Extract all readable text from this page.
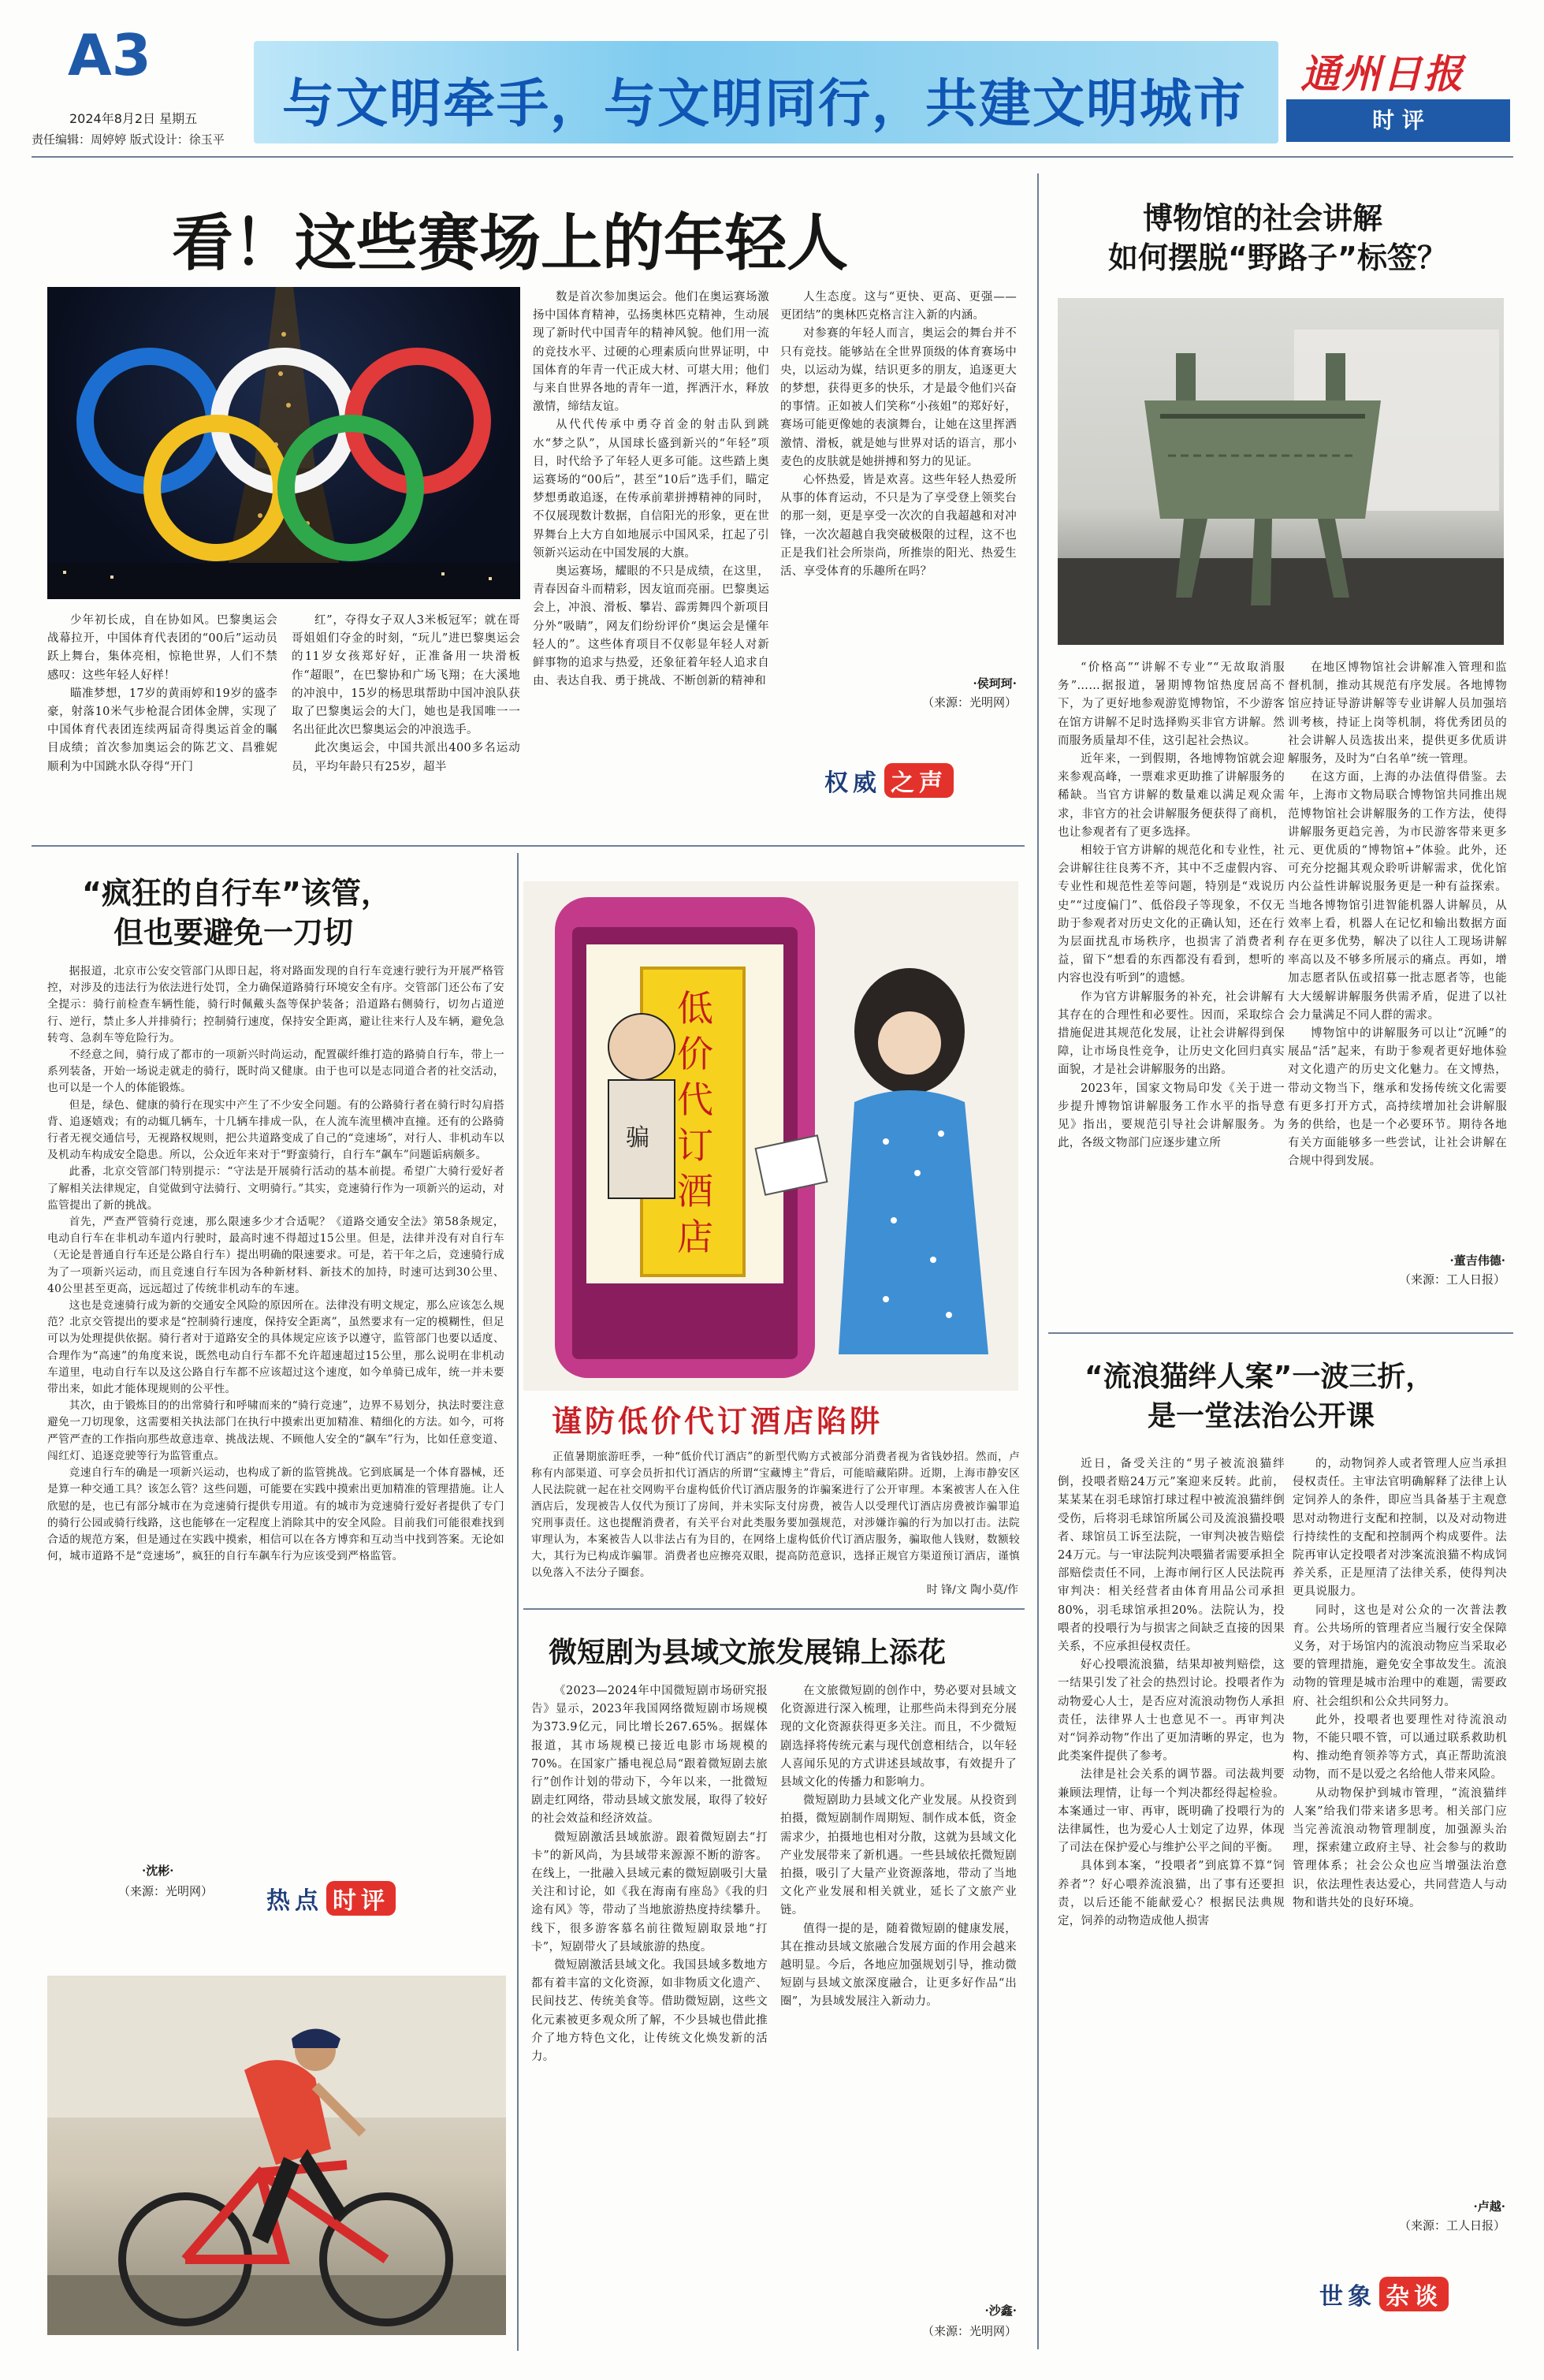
A3
2024年8月2日 星期五
责任编辑：周婷婷 版式设计：徐玉平
与文明牵手，与文明同行，共建文明城市 通州日报
时 评
看！这些赛场上的年轻人

少年初长成，自在协如风。巴黎奥运会战幕拉开，中国体育代表团的“00后”运动员跃上舞台，集体亮相，惊艳世界，人们不禁感叹：这些年轻人好样！

瞄准梦想，17岁的黄雨婷和19岁的盛李豪，射落10米气步枪混合团体金牌，实现了中国体育代表团连续两届奇得奥运首金的瞩目成绩；首次参加奥运会的陈艺文、昌雅妮顺利为中国跳水队夺得“开门

红”，夺得女子双人3米板冠军；就在哥哥姐姐们夺金的时刻，“玩儿”进巴黎奥运会的11岁女孩郑好好，正准备用一块滑板作“超眼”，在巴黎协和广场飞翔；在大溪地的冲浪中，15岁的杨思琪帮助中国冲浪队获取了巴黎奥运会的大门，她也是我国唯一一名出征此次巴黎奥运会的冲浪选手。

此次奥运会，中国共派出400多名运动员，平均年龄只有25岁，超半

数是首次参加奥运会。他们在奥运赛场激扬中国体育精神，弘扬奥林匹克精神，生动展现了新时代中国青年的精神风貌。他们用一流的竞技水平、过硬的心理素质向世界证明，中国体育的年青一代正成大材、可堪大用；他们与来自世界各地的青年一道，挥洒汗水，释放激情，缔结友谊。

从代代传承中勇夺首金的射击队到跳水“梦之队”，从国球长盛到新兴的“年轻”项目，时代给予了年轻人更多可能。这些踏上奥运赛场的“00后”，甚至“10后”选手们，瞄定梦想勇敢追逐，在传承前辈拼搏精神的同时，不仅展现数计数据，自信阳光的形象，更在世界舞台上大方自如地展示中国风采，扛起了引领新兴运动在中国发展的大旗。

奥运赛场，耀眼的不只是成绩，在这里，青春因奋斗而精彩，因友谊而亮丽。巴黎奥运会上，冲浪、滑板、攀岩、霹雳舞四个新项目分外“吸睛”，网友们纷纷评价“奥运会是懂年轻人的”。这些体育项目不仅彰显年轻人对新鲜事物的追求与热爱，还象征着年轻人追求自由、表达自我、勇于挑战、不断创新的精神和

人生态度。这与“更快、更高、更强——更团结”的奥林匹克格言注入新的内涵。

对参赛的年轻人而言，奥运会的舞台并不只有竞技。能够站在全世界顶级的体育赛场中央，以运动为媒，结识更多的朋友，追逐更大的梦想，获得更多的快乐，才是最令他们兴奋的事情。正如被人们笑称“小孩姐”的郑好好，赛场可能更像她的表演舞台，让她在这里挥洒激情、滑板，就是她与世界对话的语言，那小麦色的皮肤就是她拼搏和努力的见证。

心怀热爱，皆是欢喜。这些年轻人热爱所从事的体育运动，不只是为了享受登上领奖台的那一刻，更是享受一次次的自我超越和对冲锋，一次次超越自我突破极限的过程，这不也正是我们社会所崇尚，所推崇的阳光、热爱生活、享受体育的乐趣所在吗？

·侯珂珂·
（来源：光明网）
权威 之声
博物馆的社会讲解
如何摆脱“野路子”标签？

“价格高”“讲解不专业”“无故取消服务”……据报道，暑期博物馆热度居高不下，为了更好地参观游览博物馆，不少游客在馆方讲解不足时选择购买非官方讲解。然而服务质量却不佳，这引起社会热议。

近年来，一到假期，各地博物馆就会迎来参观高峰，一票难求更助推了讲解服务的稀缺。当官方讲解的数量难以满足观众需求，非官方的社会讲解服务便获得了商机，也让参观者有了更多选择。

相较于官方讲解的规范化和专业性，社会讲解往往良莠不齐，其中不乏虚假内容、专业性和规范性差等问题，特别是“戏说历史”“过度偏门”、低俗段子等现象，不仅无助于参观者对历史文化的正确认知，还在行为层面扰乱市场秩序，也损害了消费者利益，留下“想看的东西都没有看到，想听的内容也没有听到”的遗憾。

作为官方讲解服务的补充，社会讲解有其存在的合理性和必要性。因而，采取综合措施促进其规范化发展，让社会讲解得到保障，让市场良性竞争，让历史文化回归真实面貌，才是社会讲解服务的出路。

2023年，国家文物局印发《关于进一步提升博物馆讲解服务工作水平的指导意见》指出，要规范引导社会讲解服务。为此，各级文物部门应逐步建立所

在地区博物馆社会讲解准入管理和监督机制，推动其规范有序发展。各地博物馆应持证导游讲解等专业讲解人员加强培训考核，持证上岗等机制，将优秀团员的社会讲解人员选拔出来，提供更多优质讲解服务，及时为“白名单”统一管理。

在这方面，上海的办法值得借鉴。去年，上海市文物局联合博物馆共同推出规范博物馆社会讲解服务的工作方法，使得讲解服务更趋完善，为市民游客带来更多元、更优质的“博物馆+”体验。此外，还可充分挖掘其观众聆听讲解需求，优化馆内公益性讲解说服务更是一种有益探索。当地各博物馆引进智能机器人讲解员，从效率上看，机器人在记忆和输出数据方面存在更多优势，解决了以往人工现场讲解率高以及不够多所展示的痛点。再如，增加志愿者队伍或招募一批志愿者等，也能大大缓解讲解服务供需矛盾，促进了以社会力量满足不同人群的需求。

博物馆中的讲解服务可以让“沉睡”的展品“活”起来，有助于参观者更好地体验对文化遗产的历史文化魅力。在文博热，带动文物当下，继承和发扬传统文化需要有更多打开方式，高持续增加社会讲解服务的供给，也是一个必要环节。期待各地有关方面能够多一些尝试，让社会讲解在合规中得到发展。

·董吉伟德·
（来源：工人日报）
“疯狂的自行车”该管，
但也要避免一刀切

据报道，北京市公安交管部门从即日起，将对路面发现的自行车竞速行驶行为开展严格管控，对涉及的违法行为依法进行处罚，全力确保道路骑行环境安全有序。交管部门还公布了安全提示：骑行前检查车辆性能，骑行时佩戴头盔等保护装备；沿道路右侧骑行，切勿占道逆行、逆行，禁止多人并排骑行；控制骑行速度，保持安全距离，避让往来行人及车辆，避免急转弯、急刹车等危险行为。

不经意之间，骑行成了都市的一项新兴时尚运动，配置碳纤维打造的路骑自行车，带上一系列装备，开始一场说走就走的骑行，既时尚又健康。由于也可以是志同道合者的社交活动，也可以是一个人的体能锻炼。

但是，绿色、健康的骑行在现实中产生了不少安全问题。有的公路骑行者在骑行时勾肩搭背、追逐嬉戏；有的动辄几辆车，十几辆车排成一队，在人流车流里横冲直撞。还有的公路骑行者无视交通信号，无视路权规则，把公共道路变成了自己的“竞速场”，对行人、非机动车以及机动车构成安全隐患。所以，公众近年来对于“野蛮骑行，自行车“飙车”问题诟病颇多。

此番，北京交管部门特别提示：“守法是开展骑行活动的基本前提。希望广大骑行爱好者了解相关法律规定，自觉做到守法骑行、文明骑行。”其实，竞速骑行作为一项新兴的运动，对监管提出了新的挑战。

首先，严查严管骑行竞速，那么限速多少才合适呢？《道路交通安全法》第58条规定，电动自行车在非机动车道内行驶时，最高时速不得超过15公里。但是，法律并没有对自行车（无论是普通自行车还是公路自行车）提出明确的限速要求。可是，若干年之后，竞速骑行成为了一项新兴运动，而且竞速自行车因为各种新材料、新技术的加持，时速可达到30公里、40公里甚至更高，远远超过了传统非机动车的车速。

这也是竞速骑行成为新的交通安全风险的原因所在。法律没有明文规定，那么应该怎么规范？北京交管提出的要求是“控制骑行速度，保持安全距离”，虽然要求有一定的模糊性，但足可以为处理提供依据。骑行者对于道路安全的具体规定应该予以遵守，监管部门也要以适度、合理作为“高速”的角度来说，既然电动自行车都不允许超速超过15公里，那么说明在非机动车道里，电动自行车以及这公路自行车都不应该超过这个速度，如今单骑已成年，统一并未要带出来，如此才能体现规则的公平性。

其次，由于锻炼目的的出常骑行和呼啸而来的“骑行竞速”，边界不易划分，执法时要注意避免一刀切现象，这需要相关执法部门在执行中摸索出更加精准、精细化的方法。如今，可将严管严查的工作指向那些故意违章、挑战法规、不顾他人安全的“飙车”行为，比如任意变道、闯红灯、追逐竞驶等行为监管重点。

竞速自行车的确是一项新兴运动，也构成了新的监管挑战。它到底属是一个体育器械，还是算一种交通工具？该怎么管？这些问题，可能要在实践中摸索出更加精准的管理措施。让人欣慰的是，也已有部分城市在为竞速骑行提供专用道。有的城市为竞速骑行爱好者提供了专门的骑行公园或骑行线路，这也能够在一定程度上消除其中的安全风险。目前我们可能很难找到合适的规范方案，但是通过在实践中摸索，相信可以在各方博弈和互动当中找到答案。无论如何，城市道路不是“竞速场”，疯狂的自行车飙车行为应该受到严格监管。

·沈彬·
（来源：光明网） 热点 时评
低价代订酒店
骗
谨防低价代订酒店陷阱

正值暑期旅游旺季，一种“低价代订酒店”的新型代购方式被部分消费者视为省钱妙招。然而，卢称有内部渠道、可享会员折扣代订酒店的所谓“宝藏博主”背后，可能暗藏陷阱。近期，上海市静安区人民法院就一起在社交网购平台虚构低价代订酒店服务的诈骗案进行了公开审理。本案被害人在入住酒店后，发现被告人仅代为预订了房间，并未实际支付房费，被告人以受理代订酒店房费被诈骗罪追究刑事责任。这也提醒消费者，有关平台对此类服务要加强规范，对涉嫌诈骗的行为加以打击。法院审理认为，本案被告人以非法占有为目的，在网络上虚构低价代订酒店服务，骗取他人钱财，数额较大，其行为已构成诈骗罪。消费者也应擦亮双眼，提高防范意识，选择正规官方渠道预订酒店，谨慎以免落入不法分子圈套。

时 锋/文 陶小莫/作
微短剧为县域文旅发展锦上添花

《2023—2024年中国微短剧市场研究报告》显示，2023年我国网络微短剧市场规模为373.9亿元，同比增长267.65%。据媒体报道，其市场规模已接近电影市场规模的70%。在国家广播电视总局“跟着微短剧去旅行”创作计划的带动下，今年以来，一批微短剧走红网络，带动县域文旅发展，取得了较好的社会效益和经济效益。

微短剧激活县域旅游。跟着微短剧去“打卡”的新风尚，为县域带来源源不断的游客。在线上，一批融入县域元素的微短剧吸引大量关注和讨论，如《我在海南有座岛》《我的归途有风》等，带动了当地旅游热度持续攀升。线下，很多游客慕名前往微短剧取景地“打卡”，短剧带火了县域旅游的热度。

微短剧激活县域文化。我国县域多数地方都有着丰富的文化资源，如非物质文化遗产、民间技艺、传统美食等。借助微短剧，这些文化元素被更多观众所了解，不少县城也借此推介了地方特色文化，让传统文化焕发新的活力。

在文旅微短剧的创作中，势必要对县域文化资源进行深入梳理，让那些尚未得到充分展现的文化资源获得更多关注。而且，不少微短剧选择将传统元素与现代创意相结合，以年轻人喜闻乐见的方式讲述县域故事，有效提升了县域文化的传播力和影响力。

微短剧助力县域文化产业发展。从投资到拍摄，微短剧制作周期短、制作成本低，资金需求少，拍摄地也相对分散，这就为县域文化产业发展带来了新机遇。一些县域依托微短剧拍摄，吸引了大量产业资源落地，带动了当地文化产业发展和相关就业，延长了文旅产业链。

值得一提的是，随着微短剧的健康发展，其在推动县域文旅融合发展方面的作用会越来越明显。今后，各地应加强规划引导，推动微短剧与县域文旅深度融合，让更多好作品“出圈”，为县域发展注入新动力。

·沙鑫·
（来源：光明网）
“流浪猫绊人案”一波三折，
是一堂法治公开课

近日，备受关注的“男子被流浪猫绊倒，投喂者赔24万元”案迎来反转。此前，某某某在羽毛球馆打球过程中被流浪猫绊倒受伤，后将羽毛球馆所属公司及流浪猫投喂者、球馆员工诉至法院，一审判决被告赔偿24万元。与一审法院判决喂猫者需要承担全部赔偿责任不同，上海市闸行区人民法院再审判决：相关经营者由体育用品公司承担80%，羽毛球馆承担20%。法院认为，投喂者的投喂行为与损害之间缺乏直接的因果关系，不应承担侵权责任。

好心投喂流浪猫，结果却被判赔偿，这一结果引发了社会的热烈讨论。投喂者作为动物爱心人士，是否应对流浪动物伤人承担责任，法律界人士也意见不一。再审判决对“饲养动物”作出了更加清晰的界定，也为此类案件提供了参考。

法律是社会关系的调节器。司法裁判要兼顾法理情，让每一个判决都经得起检验。本案通过一审、再审，既明确了投喂行为的法律属性，也为爱心人士划定了边界，体现了司法在保护爱心与维护公平之间的平衡。

具体到本案，“投喂者”到底算不算“饲养者”？好心喂养流浪猫，出了事有还要担责，以后还能不能献爱心？根据民法典规定，饲养的动物造成他人损害

的，动物饲养人或者管理人应当承担侵权责任。主审法官明确解释了法律上认定饲养人的条件，即应当具备基于主观意思对动物进行支配和控制，以及对动物进行持续性的支配和控制两个构成要件。法院再审认定投喂者对涉案流浪猫不构成饲养关系，正是厘清了法律关系，使得判决更具说服力。

同时，这也是对公众的一次普法教育。公共场所的管理者应当履行安全保障义务，对于场馆内的流浪动物应当采取必要的管理措施，避免安全事故发生。流浪动物的管理是城市治理中的难题，需要政府、社会组织和公众共同努力。

此外，投喂者也要理性对待流浪动物，不能只喂不管，可以通过联系救助机构、推动绝育领养等方式，真正帮助流浪动物，而不是以爱之名给他人带来风险。

从动物保护到城市管理，“流浪猫绊人案”给我们带来诸多思考。相关部门应当完善流浪动物管理制度，加强源头治理，探索建立政府主导、社会参与的救助管理体系；社会公众也应当增强法治意识，依法理性表达爱心，共同营造人与动物和谐共处的良好环境。

·卢越·
（来源：工人日报）
世象 杂谈
